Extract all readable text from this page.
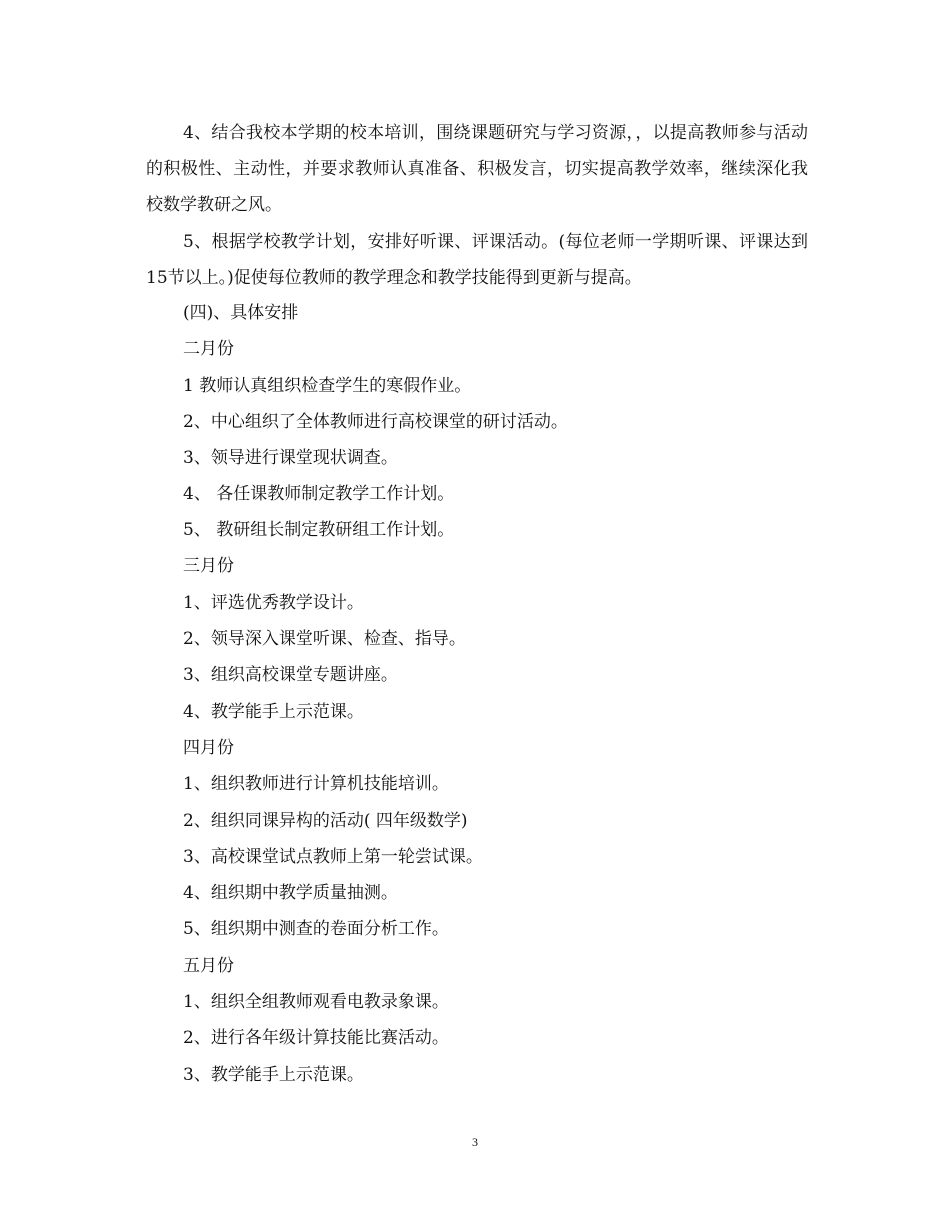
4、结合我校本学期的校本培训，围绕课题研究与学习资源，，以提高教师参与活动的积极性、主动性，并要求教师认真准备、积极发言，切实提高教学效率，继续深化我校数学教研之风。

5、根据学校教学计划，安排好听课、评课活动。(每位老师一学期听课、评课达到15节以上。)促使每位教师的教学理念和教学技能得到更新与提高。

(四)、具体安排

二月份

1 教师认真组织检查学生的寒假作业。

2、中心组织了全体教师进行高校课堂的研讨活动。

3、领导进行课堂现状调查。

4、 各任课教师制定教学工作计划。

5、 教研组长制定教研组工作计划。

三月份

1、评选优秀教学设计。

2、领导深入课堂听课、检查、指导。

3、组织高校课堂专题讲座。

4、教学能手上示范课。

四月份

1、组织教师进行计算机技能培训。

2、组织同课异构的活动( 四年级数学)

3、高校课堂试点教师上第一轮尝试课。

4、组织期中教学质量抽测。

5、组织期中测查的卷面分析工作。

五月份

1、组织全组教师观看电教录象课。

2、进行各年级计算技能比赛活动。

3、教学能手上示范课。

3
